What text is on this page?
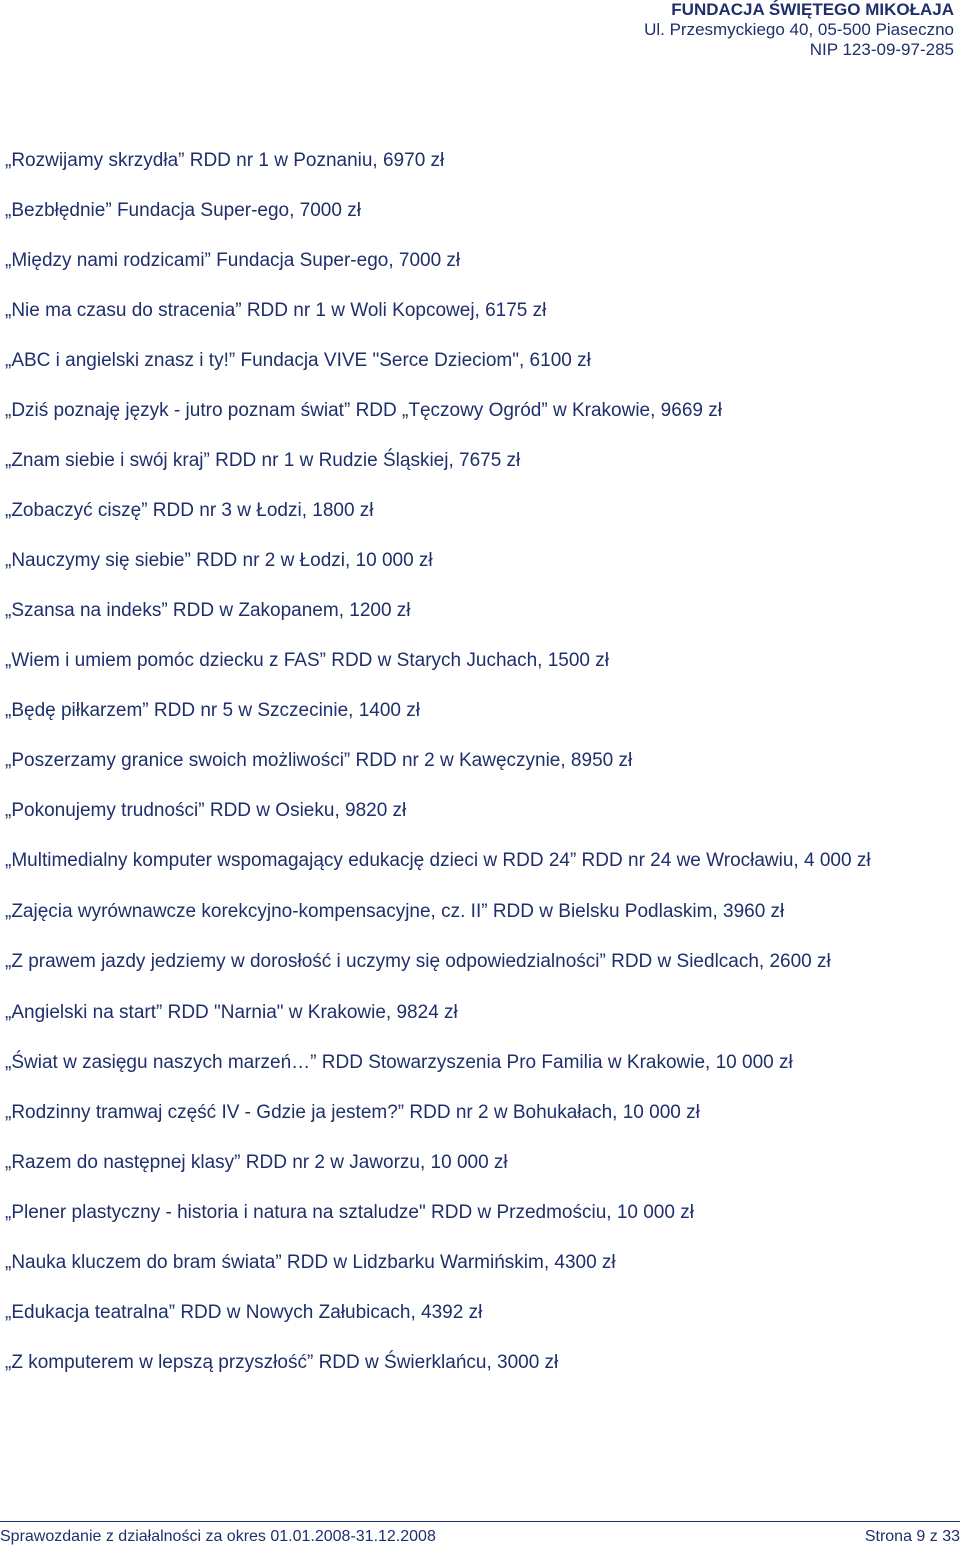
FUNDACJA ŚWIĘTEGO MIKOŁAJA
Ul. Przesmyckiego 40, 05-500 Piaseczno
NIP 123-09-97-285
„Rozwijamy skrzydła” RDD nr 1 w Poznaniu, 6970 zł
„Bezbłędnie” Fundacja Super-ego, 7000 zł
„Między nami rodzicami” Fundacja Super-ego, 7000 zł
„Nie ma czasu do stracenia” RDD nr 1 w Woli Kopcowej, 6175 zł
„ABC i angielski znasz i ty!” Fundacja VIVE "Serce Dzieciom", 6100 zł
„Dziś poznaję język - jutro poznam świat” RDD „Tęczowy Ogród” w Krakowie, 9669 zł
„Znam siebie i swój kraj” RDD nr 1 w Rudzie Śląskiej, 7675 zł
„Zobaczyć ciszę” RDD nr 3 w Łodzi, 1800 zł
„Nauczymy się siebie” RDD nr 2 w Łodzi, 10 000 zł
„Szansa na indeks” RDD w Zakopanem, 1200 zł
„Wiem i umiem pomóc dziecku z FAS” RDD w Starych Juchach, 1500 zł
„Będę piłkarzem” RDD nr 5 w Szczecinie, 1400 zł
„Poszerzamy granice swoich możliwości” RDD nr 2 w Kawęczynie, 8950 zł
„Pokonujemy trudności” RDD w Osieku, 9820 zł
„Multimedialny komputer wspomagający edukację dzieci w RDD 24” RDD nr 24 we Wrocławiu, 4 000 zł
„Zajęcia wyrównawcze korekcyjno-kompensacyjne, cz. II” RDD w Bielsku Podlaskim, 3960 zł
„Z prawem jazdy jedziemy w dorosłość i uczymy się odpowiedzialności” RDD w Siedlcach, 2600 zł
„Angielski na start” RDD "Narnia" w Krakowie, 9824 zł
„Świat w zasięgu naszych marzeń…” RDD Stowarzyszenia Pro Familia w Krakowie, 10 000 zł
„Rodzinny tramwaj część IV - Gdzie ja jestem?” RDD nr 2 w Bohukałach, 10 000 zł
„Razem do następnej klasy” RDD nr 2 w Jaworzu, 10 000 zł
„Plener plastyczny - historia i natura na sztaludze" RDD w Przedmościu, 10 000 zł
„Nauka kluczem do bram świata” RDD w Lidzbarku Warmińskim, 4300 zł
„Edukacja teatralna” RDD w Nowych Załubicach, 4392 zł
„Z komputerem w lepszą przyszłość” RDD w Świerklańcu, 3000 zł
Sprawozdanie z działalności za okres 01.01.2008-31.12.2008	Strona 9 z 33
